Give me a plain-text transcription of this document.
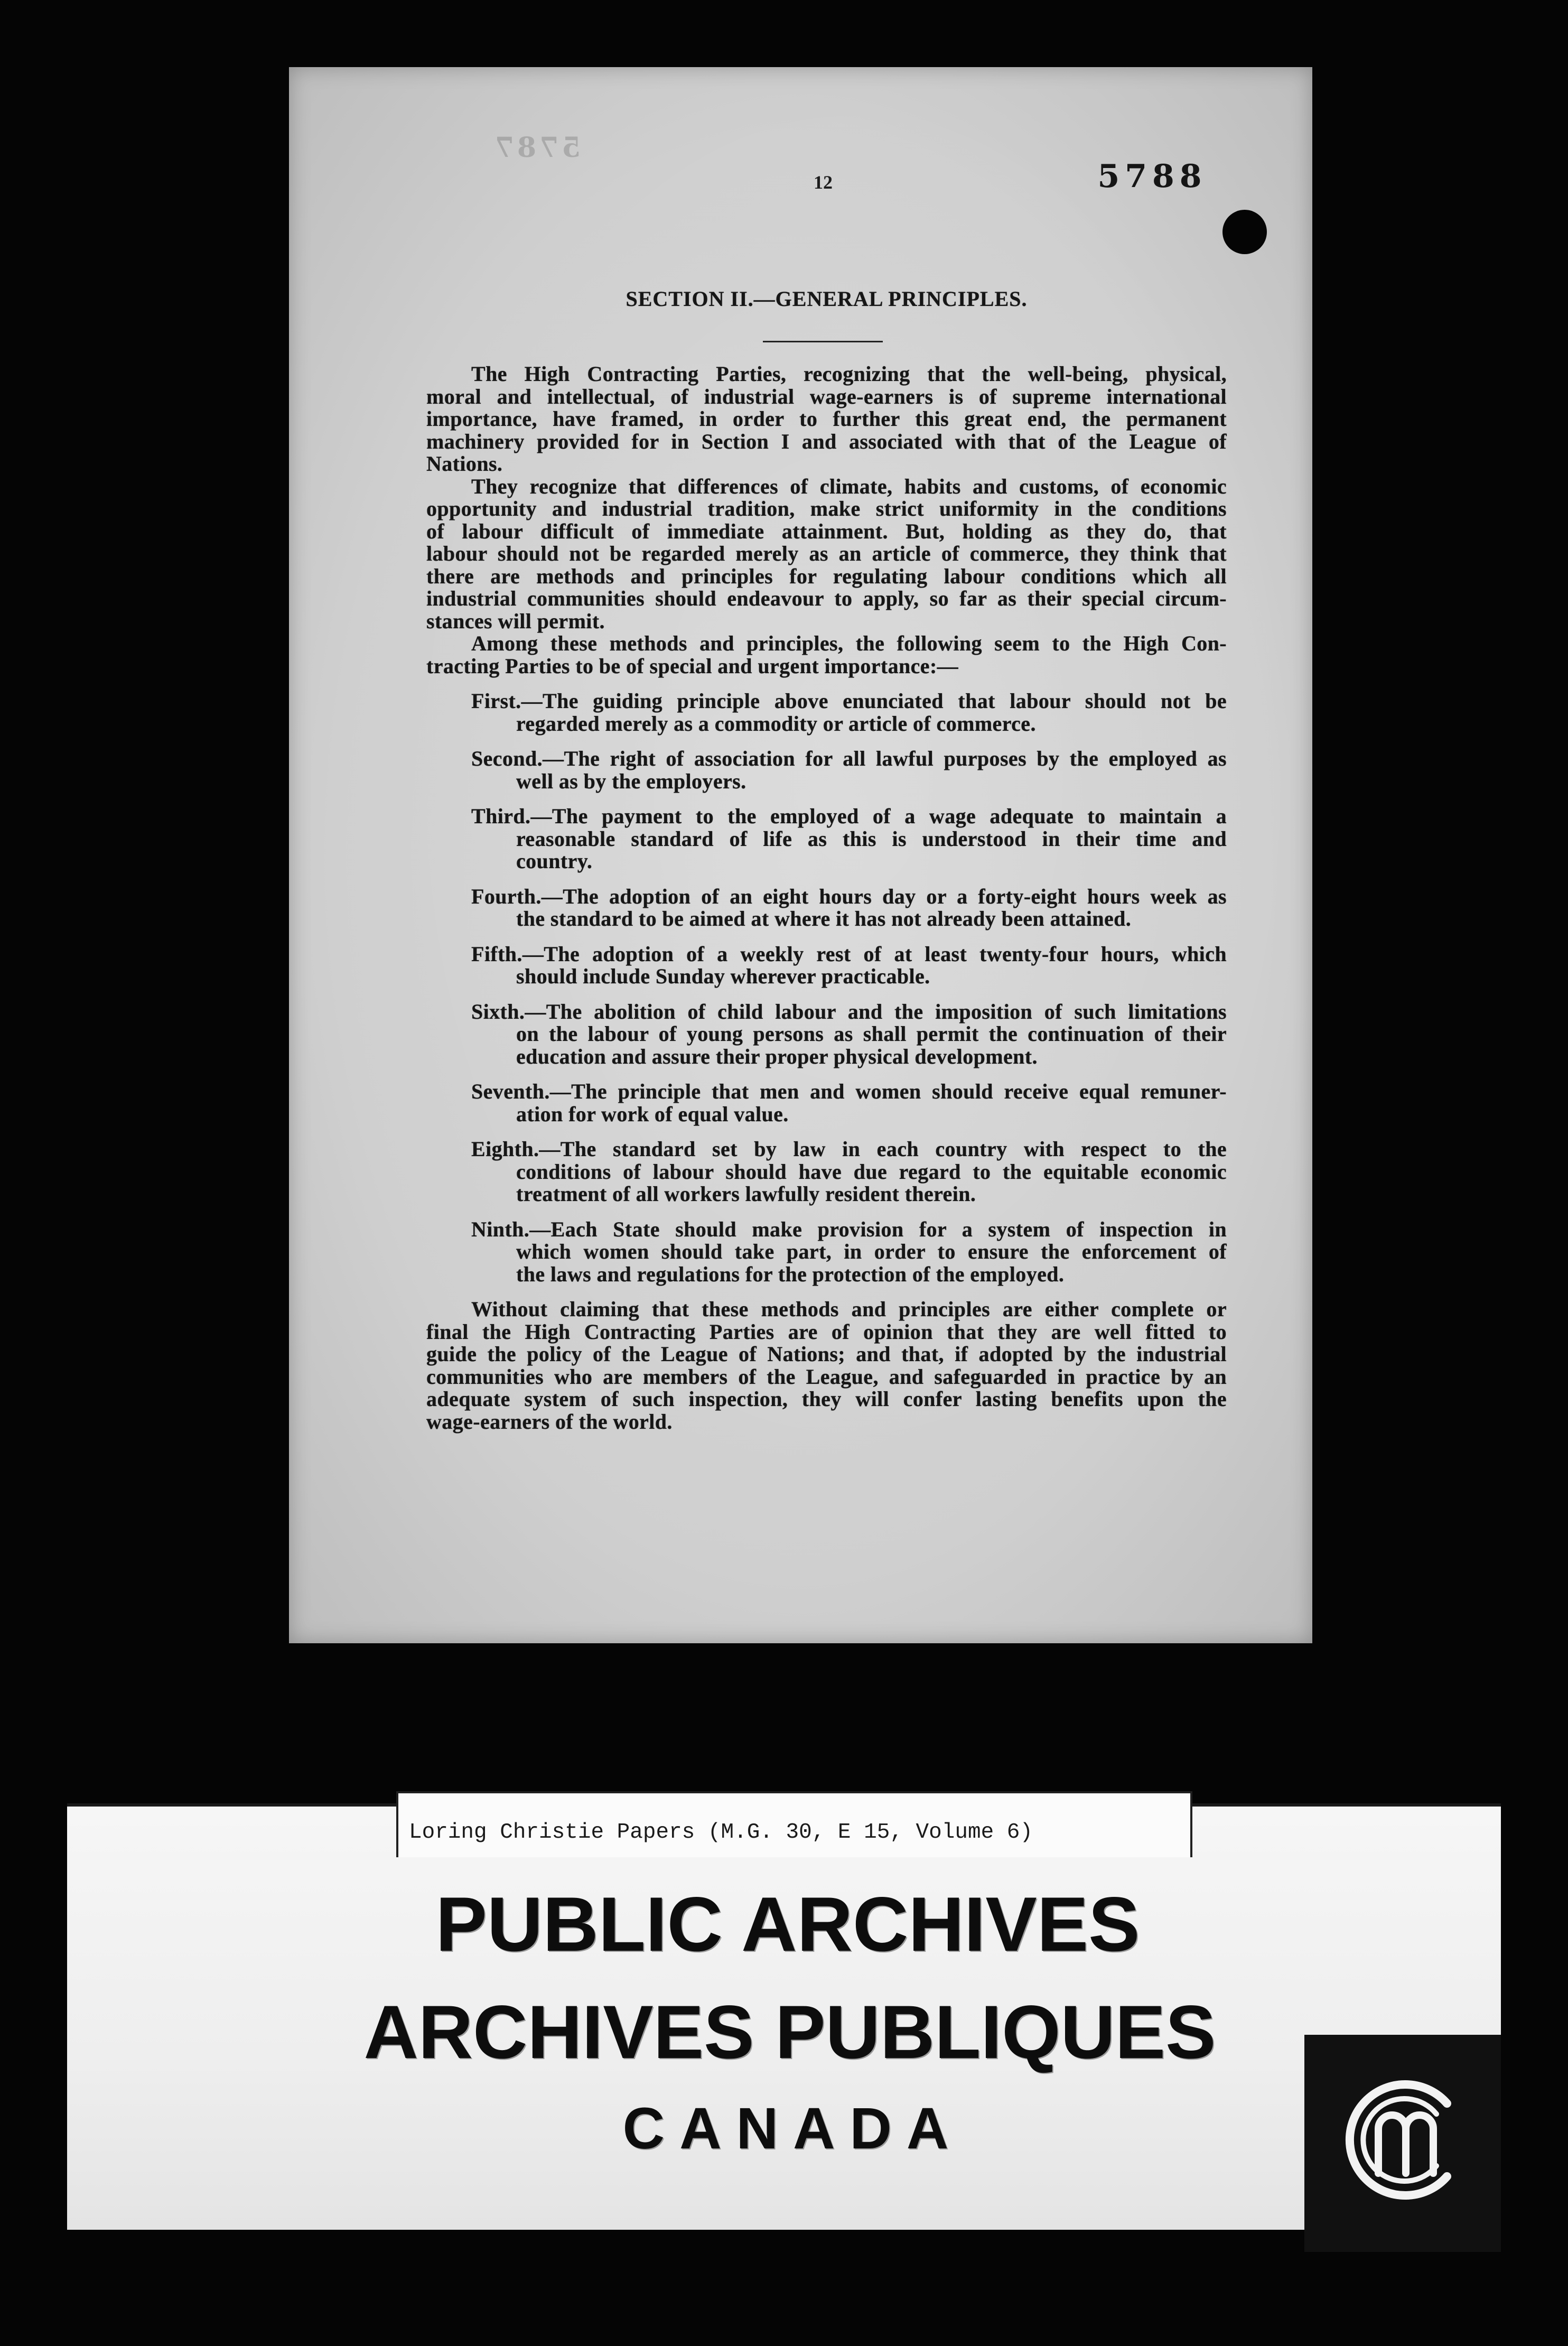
5787
12	5788
SECTION II.—GENERAL PRINCIPLES.
The High Contracting Parties, recognizing that the well-being, physical,
moral and intellectual, of industrial wage-earners is of supreme international
importance, have framed, in order to further this great end, the permanent
machinery provided for in Section I and associated with that of the League of
Nations.
They recognize that differences of climate, habits and customs, of economic
opportunity and industrial tradition, make strict uniformity in the conditions
of labour difficult of immediate attainment. But, holding as they do, that
labour should not be regarded merely as an article of commerce, they think that
there are methods and principles for regulating labour conditions which all
industrial communities should endeavour to apply, so far as their special circum-
stances will permit.
Among these methods and principles, the following seem to the High Con-
tracting Parties to be of special and urgent importance:—
First.—The guiding principle above enunciated that labour should not be
regarded merely as a commodity or article of commerce.
Second.—The right of association for all lawful purposes by the employed as
well as by the employers.
Third.—The payment to the employed of a wage adequate to maintain a
reasonable standard of life as this is understood in their time and
country.
Fourth.—The adoption of an eight hours day or a forty-eight hours week as
the standard to be aimed at where it has not already been attained.
Fifth.—The adoption of a weekly rest of at least twenty-four hours, which
should include Sunday wherever practicable.
Sixth.—The abolition of child labour and the imposition of such limitations
on the labour of young persons as shall permit the continuation of their
education and assure their proper physical development.
Seventh.—The principle that men and women should receive equal remuner-
ation for work of equal value.
Eighth.—The standard set by law in each country with respect to the
conditions of labour should have due regard to the equitable economic
treatment of all workers lawfully resident therein.
Ninth.—Each State should make provision for a system of inspection in
which women should take part, in order to ensure the enforcement of
the laws and regulations for the protection of the employed.
Without claiming that these methods and principles are either complete or
final the High Contracting Parties are of opinion that they are well fitted to
guide the policy of the League of Nations; and that, if adopted by the industrial
communities who are members of the League, and safeguarded in practice by an
adequate system of such inspection, they will confer lasting benefits upon the
wage-earners of the world.
Loring Christie Papers (M.G. 30, E 15, Volume 6)
PUBLIC ARCHIVES
ARCHIVES PUBLIQUES
CANADA
